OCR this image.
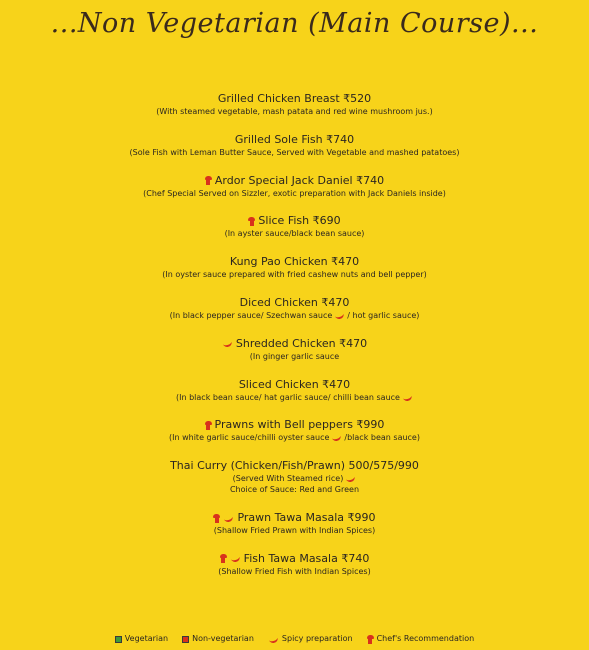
...Non Vegetarian (Main Course)...
Grilled Chicken Breast ₹520
(With steamed vegetable, mash patata and red wine mushroom jus.)
Grilled Sole Fish ₹740
(Sole Fish with Leman Butter Sauce, Served with Vegetable and mashed patatoes)
Ardor Special Jack Daniel ₹740
(Chef Special Served on Sizzler, exotic preparation with Jack Daniels inside)
Slice Fish ₹690
(In ayster sauce/black bean sauce)
Kung Pao Chicken ₹470
(In oyster sauce prepared with fried cashew nuts and bell pepper)
Diced Chicken ₹470
(In black pepper sauce/ Szechwan sauce / hot garlic sauce)
Shredded Chicken ₹470
(In ginger garlic sauce
Sliced Chicken ₹470
(In black bean sauce/ hat garlic sauce/ chilli bean sauce
Prawns with Bell peppers ₹990
(In white garlic sauce/chilli oyster sauce /black bean sauce)
Thai Curry (Chicken/Fish/Prawn) 500/575/990
(Served With Steamed rice)
Choice of Sauce: Red and Green
Prawn Tawa Masala ₹990
(Shallow Fried Prawn with Indian Spices)
Fish Tawa Masala ₹740
(Shallow Fried Fish with Indian Spices)
Vegetarian	Non-vegetarian	Spicy preparation	Chef's Recommendation
